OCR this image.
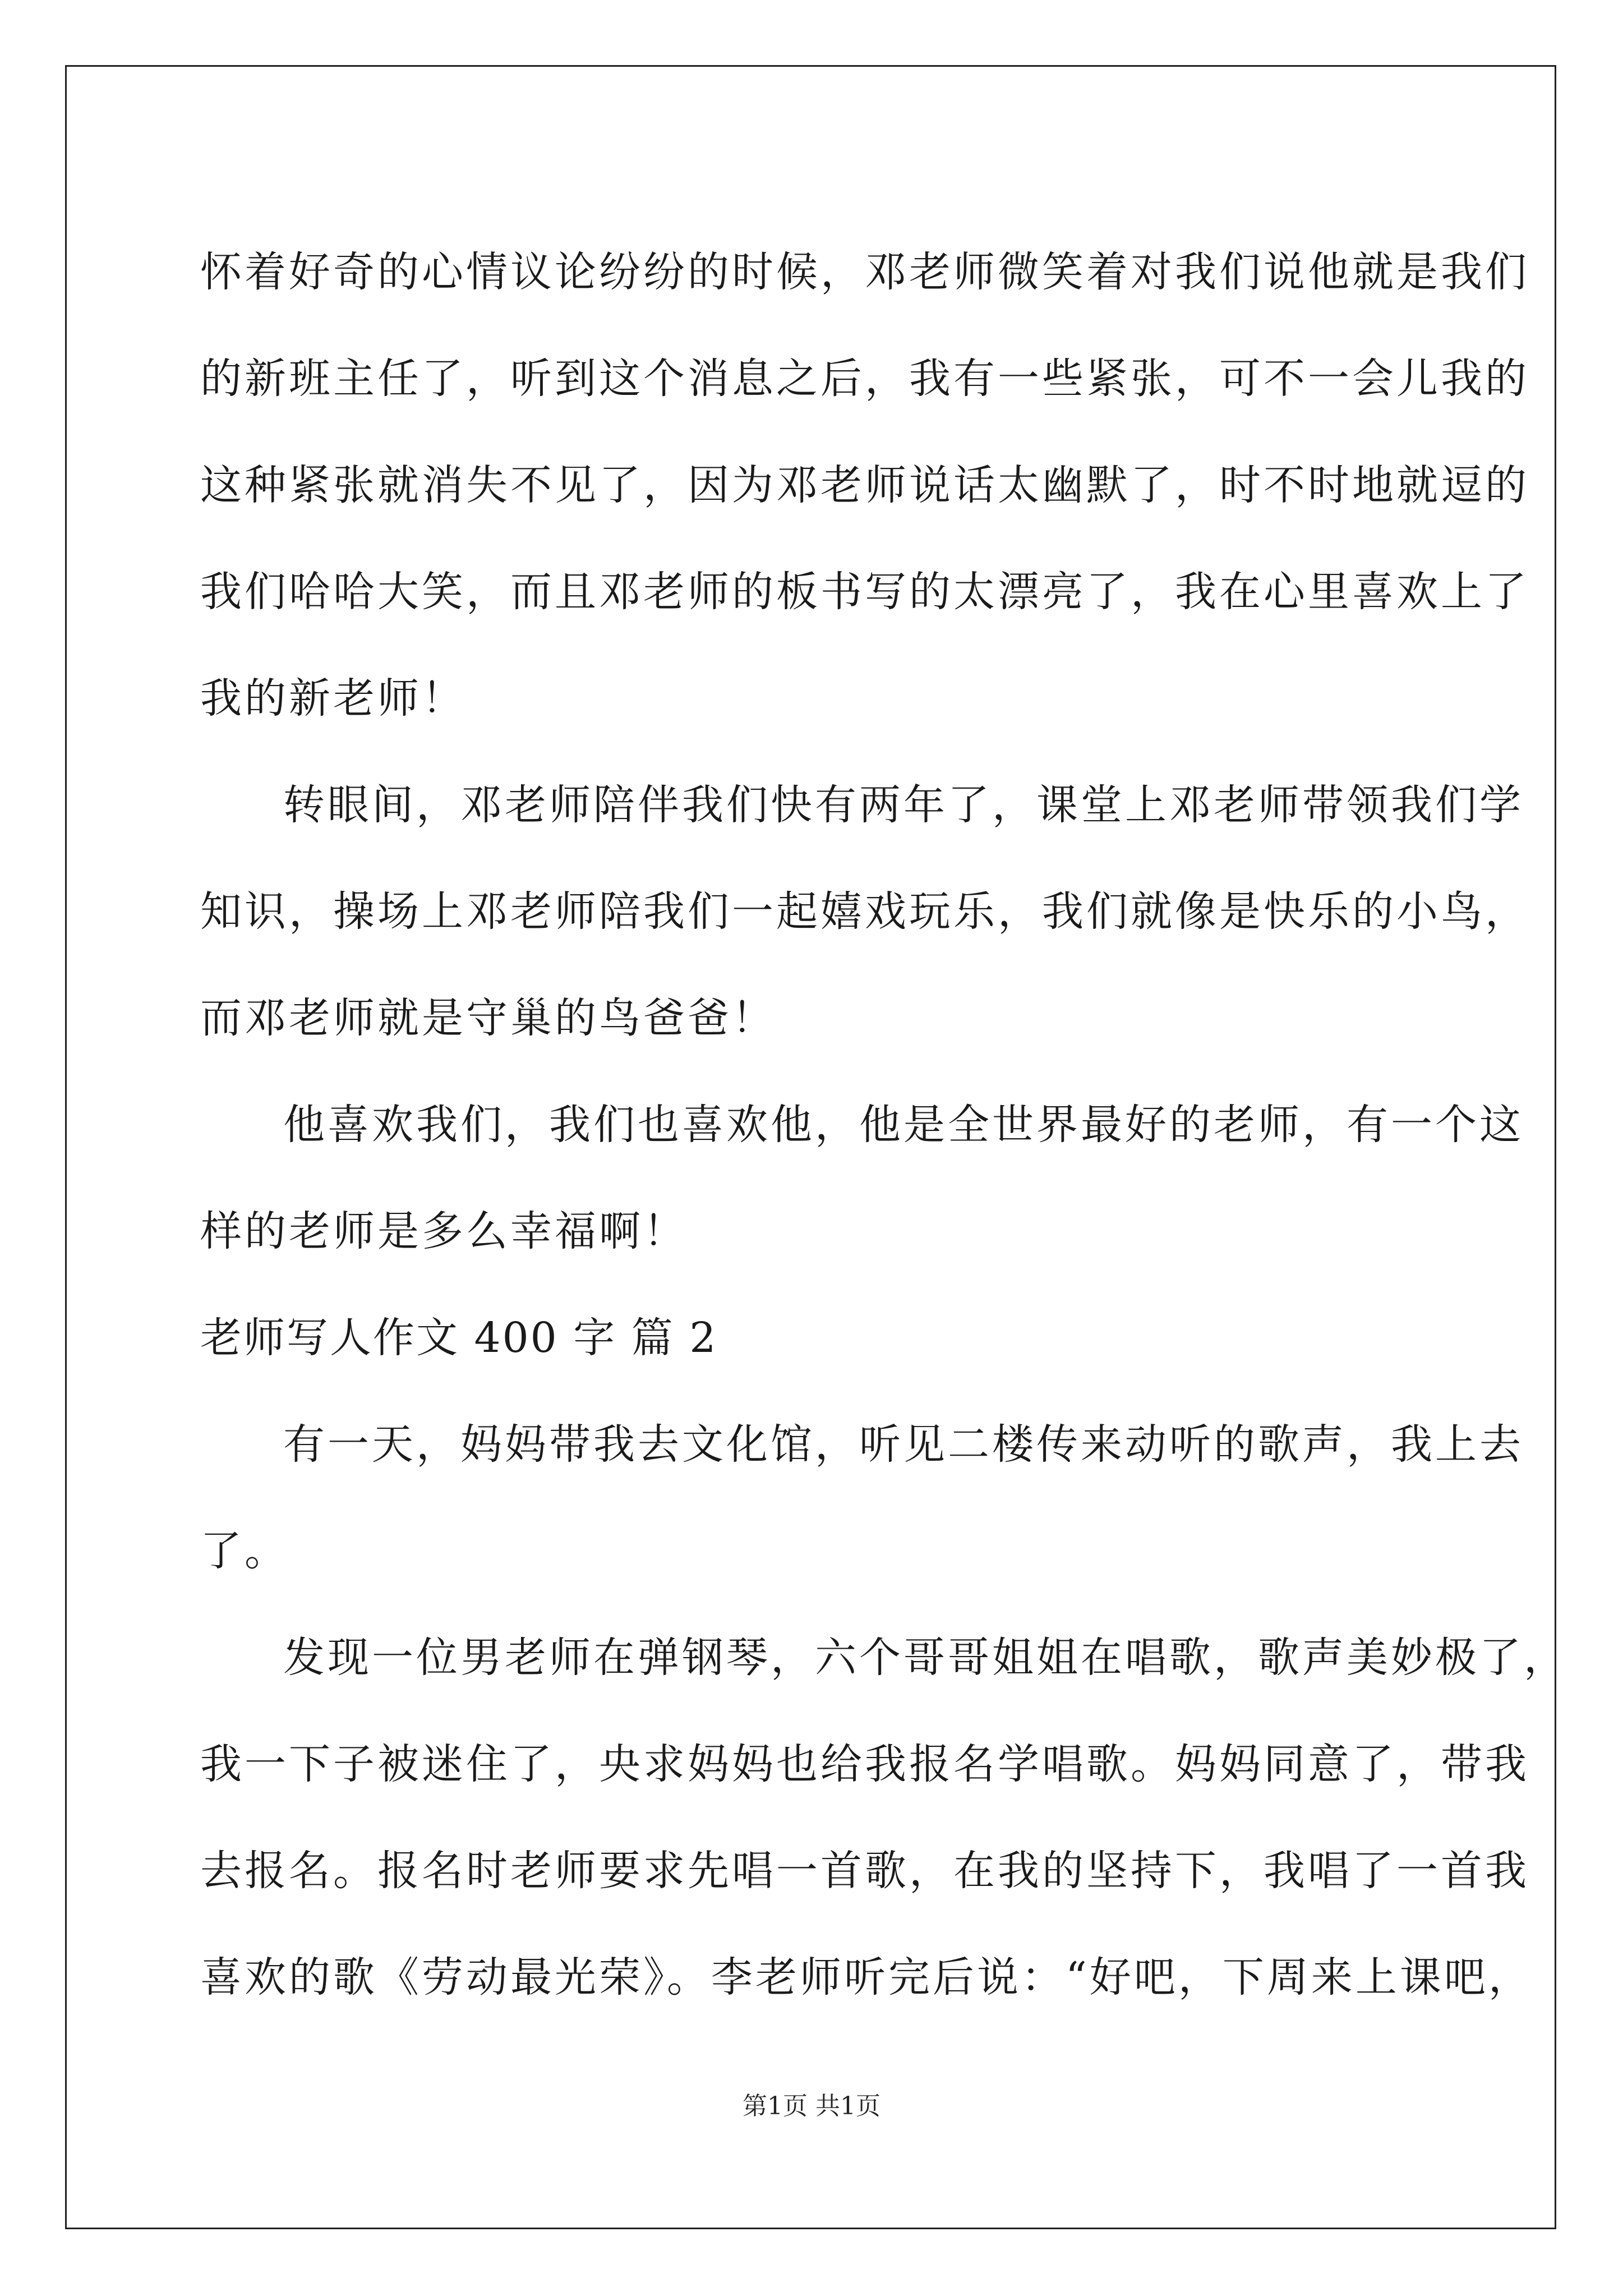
怀着好奇的心情议论纷纷的时候，邓老师微笑着对我们说他就是我们
的新班主任了，听到这个消息之后，我有一些紧张，可不一会儿我的
这种紧张就消失不见了，因为邓老师说话太幽默了，时不时地就逗的
我们哈哈大笑，而且邓老师的板书写的太漂亮了，我在心里喜欢上了
我的新老师！
转眼间，邓老师陪伴我们快有两年了，课堂上邓老师带领我们学
知识，操场上邓老师陪我们一起嬉戏玩乐，我们就像是快乐的小鸟，
而邓老师就是守巢的鸟爸爸！
他喜欢我们，我们也喜欢他，他是全世界最好的老师，有一个这
样的老师是多么幸福啊！
老师写人作文 400 字 篇 2
有一天，妈妈带我去文化馆，听见二楼传来动听的歌声，我上去
了。
发现一位男老师在弹钢琴，六个哥哥姐姐在唱歌，歌声美妙极了，
我一下子被迷住了，央求妈妈也给我报名学唱歌。妈妈同意了，带我
去报名。报名时老师要求先唱一首歌，在我的坚持下，我唱了一首我
喜欢的歌《劳动最光荣》。李老师听完后说：“好吧，下周来上课吧，
第1页 共1页
